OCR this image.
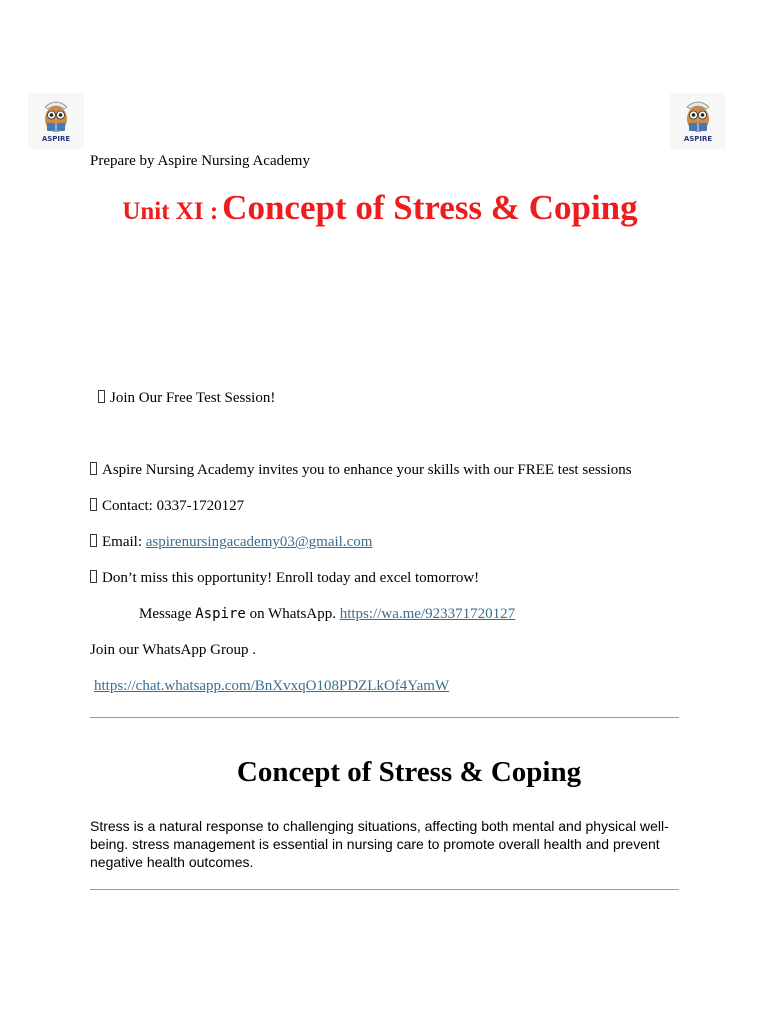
ASPIRE	ASPIRE
Prepare by Aspire Nursing Academy
Unit XI : Concept of Stress & Coping
Join Our Free Test Session!
Aspire Nursing Academy invites you to enhance your skills with our FREE test sessions
Contact: 0337-1720127
Email: aspirenursingacademy03@gmail.com
Don’t miss this opportunity! Enroll today and excel tomorrow!
Message Aspire on WhatsApp. https://wa.me/923371720127
Join our WhatsApp Group .
https://chat.whatsapp.com/BnXvxqO108PDZLkOf4YamW
Concept of Stress & Coping
Stress is a natural response to challenging situations, affecting both mental and physical well-being. stress management is essential in nursing care to promote overall health and prevent negative health outcomes.
